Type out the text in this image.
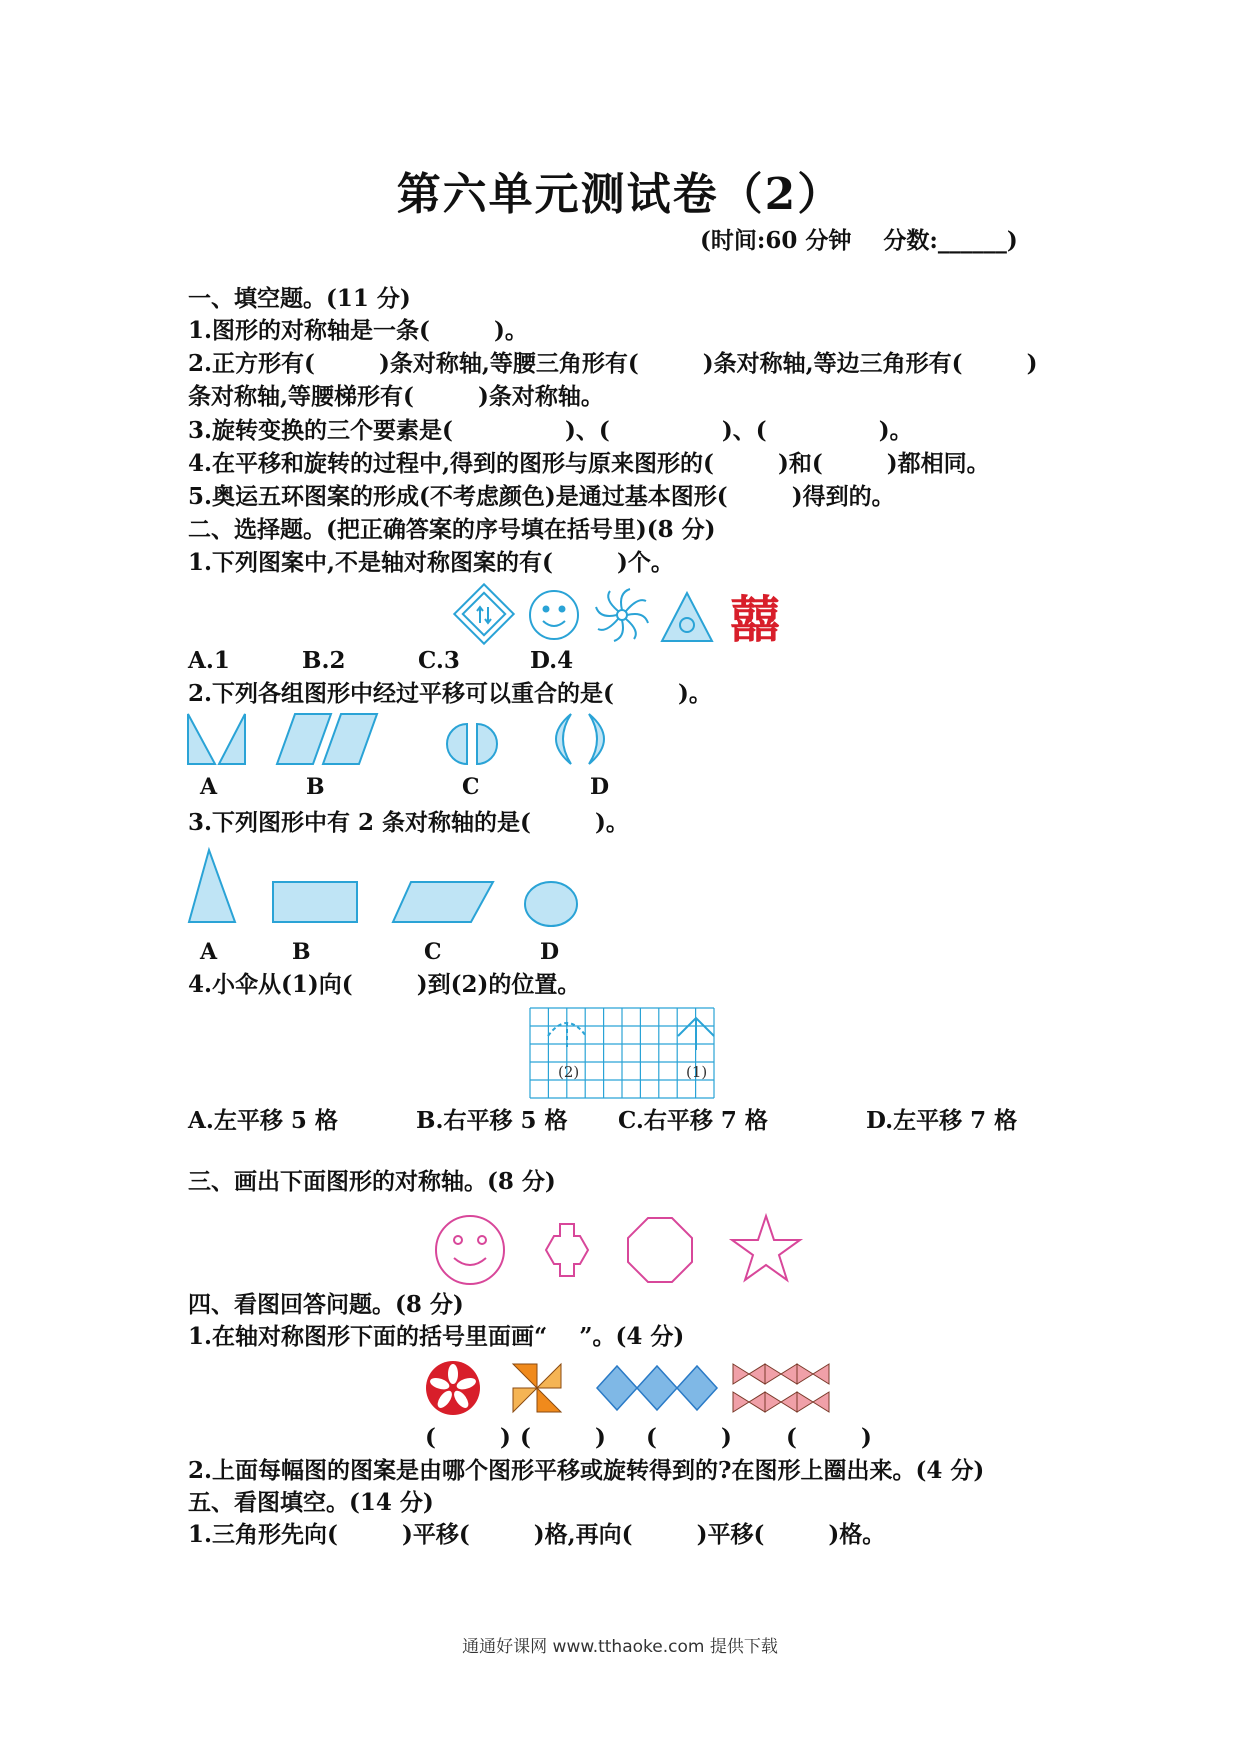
第六单元测试卷（2）
(时间:60 分钟    分数:______)
一、填空题。(11 分)
1.图形的对称轴是一条(        )。
2.正方形有(        )条对称轴,等腰三角形有(        )条对称轴,等边三角形有(        )
条对称轴,等腰梯形有(        )条对称轴。
3.旋转变换的三个要素是(              )、(              )、(              )。
4.在平移和旋转的过程中,得到的图形与原来图形的(        )和(        )都相同。
5.奥运五环图案的形成(不考虑颜色)是通过基本图形(        )得到的。
二、选择题。(把正确答案的序号填在括号里)(8 分)
1.下列图案中,不是轴对称图案的有(        )个。
囍
A.1	B.2	C.3	D.4
2.下列各组图形中经过平移可以重合的是(        )。
A	B	C	D
3.下列图形中有 2 条对称轴的是(        )。
A	B	C	D
4.小伞从(1)向(        )到(2)的位置。
(2)	(1)
A.左平移 5 格	B.右平移 5 格 C.右平移 7 格	D.左平移 7 格
三、画出下面图形的对称轴。(8 分)
四、看图回答问题。(8 分)
1.在轴对称图形下面的括号里面画“    ”。(4 分)
(        ) (        ) (        ) (        )
2.上面每幅图的图案是由哪个图形平移或旋转得到的?在图形上圈出来。(4 分)
五、看图填空。(14 分)
1.三角形先向(        )平移(        )格,再向(        )平移(        )格。
通通好课网 www.tthaoke.com 提供下载
